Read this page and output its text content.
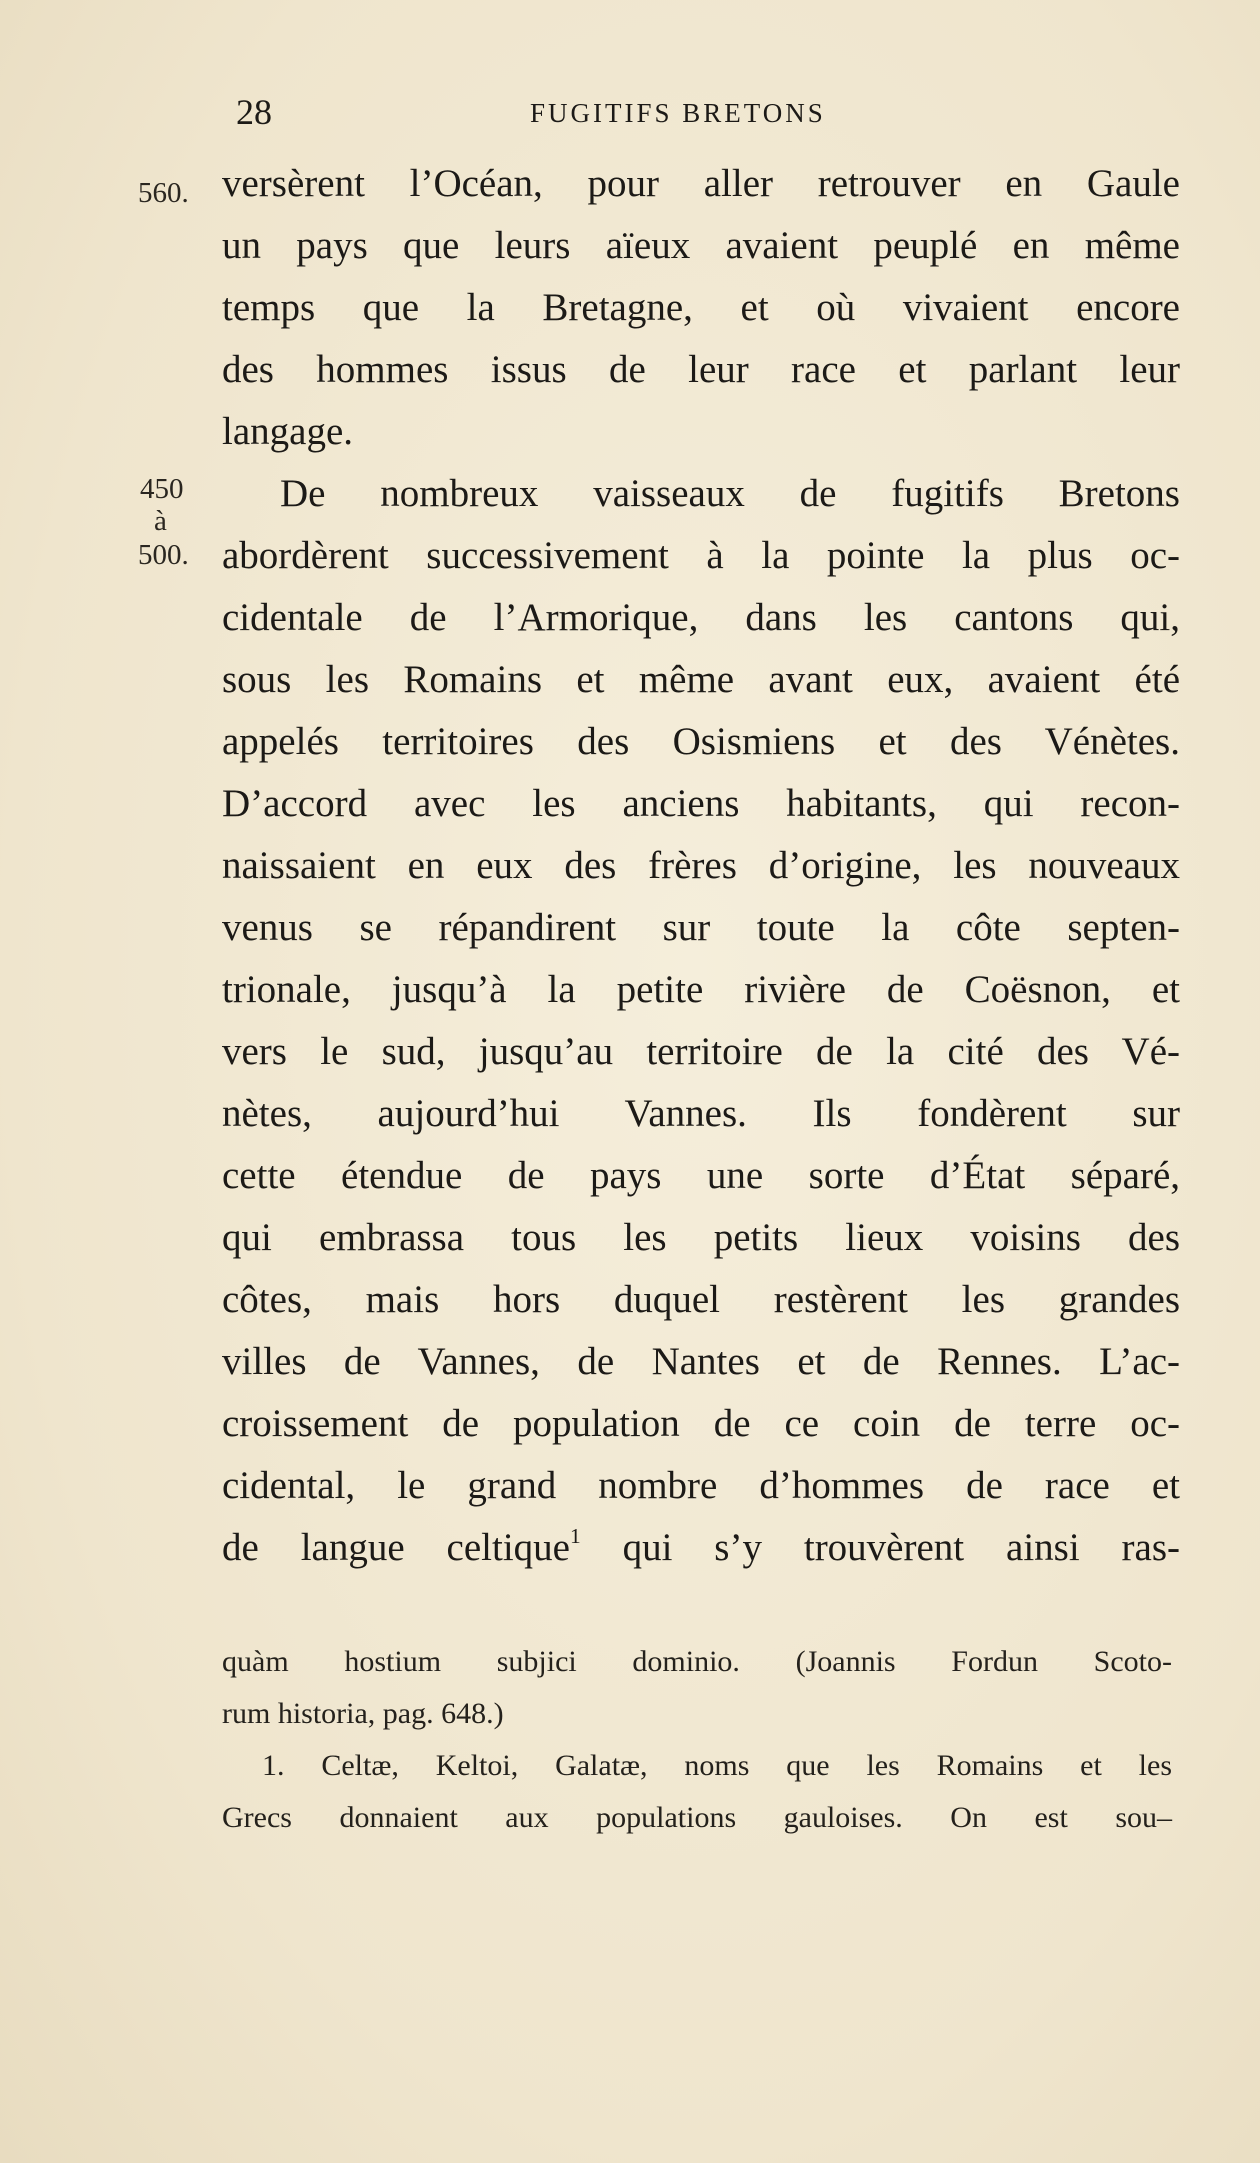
28	FUGITIFS BRETONS
560.
450
à
500.
versèrent l’Océan, pour aller retrouver en Gaule
un pays que leurs aïeux avaient peuplé en même
temps que la Bretagne, et où vivaient encore
des hommes issus de leur race et parlant leur
langage.
De nombreux vaisseaux de fugitifs Bretons
abordèrent successivement à la pointe la plus oc-
cidentale de l’Armorique, dans les cantons qui,
sous les Romains et même avant eux, avaient été
appelés territoires des Osismiens et des Vénètes.
D’accord avec les anciens habitants, qui recon-
naissaient en eux des frères d’origine, les nouveaux
venus se répandirent sur toute la côte septen-
trionale, jusqu’à la petite rivière de Coësnon, et
vers le sud, jusqu’au territoire de la cité des Vé-
nètes, aujourd’hui Vannes. Ils fondèrent sur
cette étendue de pays une sorte d’État séparé,
qui embrassa tous les petits lieux voisins des
côtes, mais hors duquel restèrent les grandes
villes de Vannes, de Nantes et de Rennes. L’ac-
croissement de population de ce coin de terre oc-
cidental, le grand nombre d’hommes de race et
de langue celtique$^1$ qui s’y trouvèrent ainsi ras-
quàm hostium subjici dominio. (Joannis Fordun Scoto-
rum historia, pag. 648.)
1. Celtæ, Keltoi, Galatæ, noms que les Romains et les
Grecs donnaient aux populations gauloises. On est sou–
